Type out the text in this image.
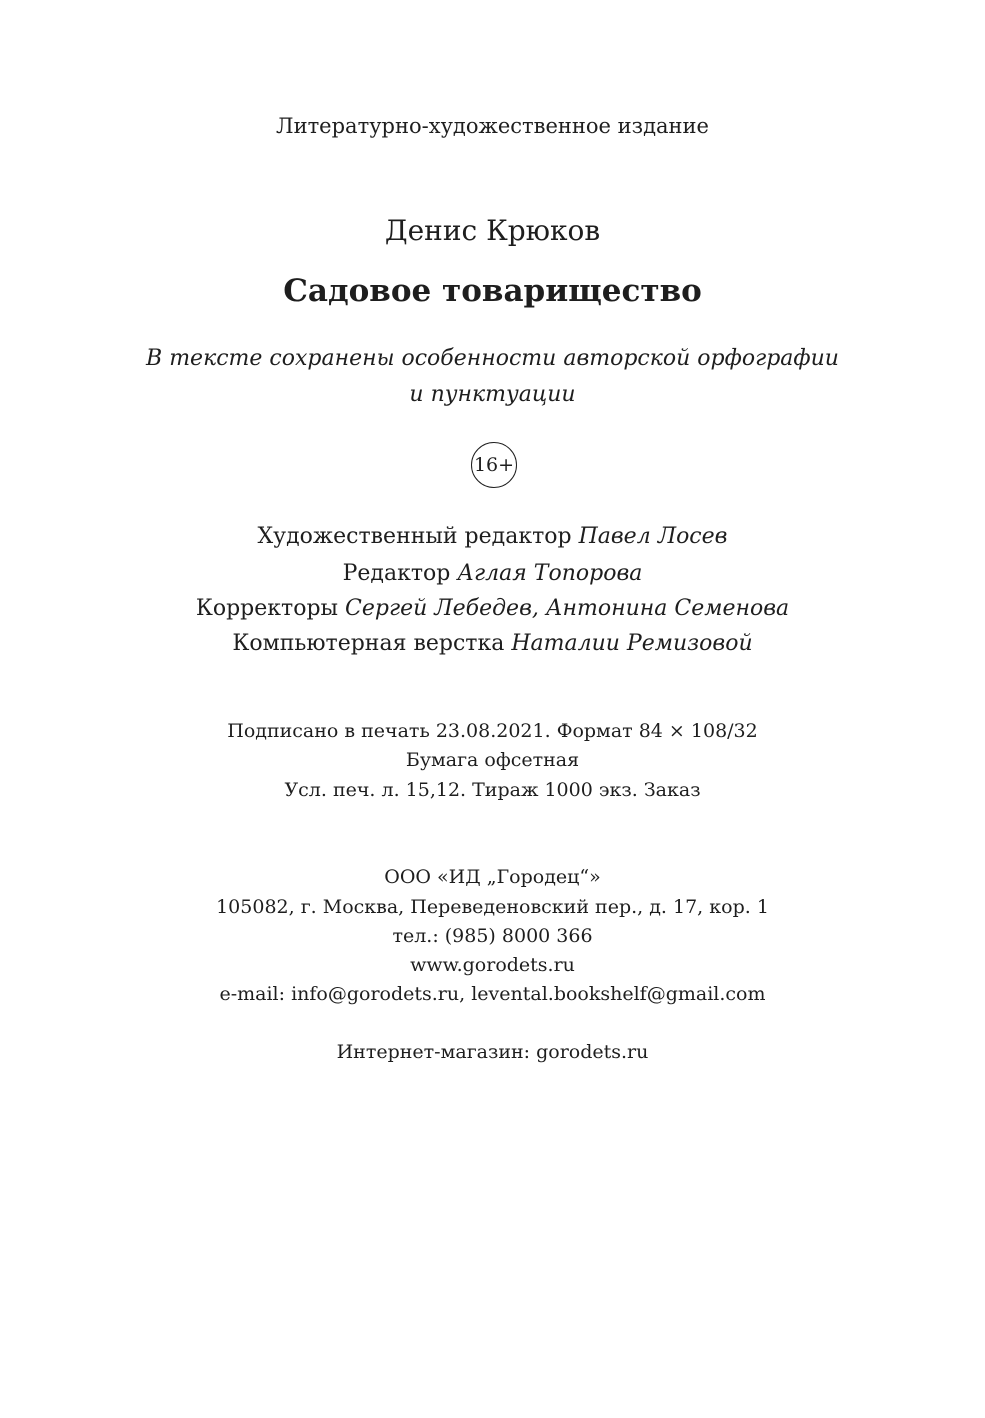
Литературно-художественное издание
Денис Крюков
Садовое товарищество
В тексте сохранены особенности авторской орфографии
и пунктуации
16+
Художественный редактор Павел Лосев
Редактор Аглая Топорова
Корректоры Сергей Лебедев, Антонина Семенова
Компьютерная верстка Наталии Ремизовой
Подписано в печать 23.08.2021. Формат 84 × 108/32
Бумага офсетная
Усл. печ. л. 15,12. Тираж 1000 экз. Заказ
ООО «ИД „Городец“»
105082, г. Москва, Переведеновский пер., д. 17, кор. 1
тел.: (985) 8000 366
www.gorodets.ru
e-mail: info@gorodets.ru, levental.bookshelf@gmail.com
Интернет-магазин: gorodets.ru
